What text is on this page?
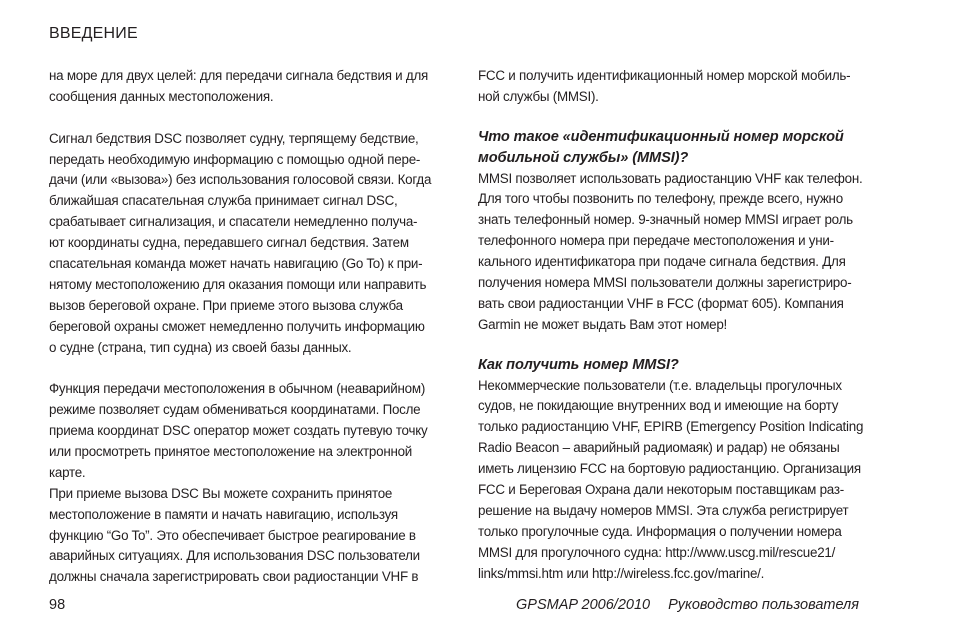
ВВЕДЕНИЕ
на море для двух целей: для передачи сигнала бедствия и для
сообщения данных местоположения.
Сигнал бедствия DSC позволяет судну, терпящему бедствие,
передать необходимую информацию с помощью одной пере-
дачи (или «вызова») без использования голосовой связи. Когда
ближайшая спасательная служба принимает сигнал DSC,
срабатывает сигнализация, и спасатели немедленно получа-
ют координаты судна, передавшего сигнал бедствия. Затем
спасательная команда может начать навигацию (Go To) к при-
нятому местоположению для оказания помощи или направить
вызов береговой охране. При приеме этого вызова служба
береговой охраны сможет немедленно получить информацию
о судне (страна, тип судна) из своей базы данных.
Функция передачи местоположения в обычном (неаварийном)
режиме позволяет судам обмениваться координатами. После
приема координат DSC оператор может создать путевую точку
или просмотреть принятое местоположение на электронной
карте.
При приеме вызова DSC Вы можете сохранить принятое
местоположение в памяти и начать навигацию, используя
функцию “Go To”. Это обеспечивает быстрое реагирование в
аварийных ситуациях. Для использования DSC пользователи
должны сначала зарегистрировать свои радиостанции VHF в
FCC и получить идентификационный номер морской мобиль-
ной службы (MMSI).
Что такое «идентификационный номер морской
мобильной службы» (MMSI)?
MMSI позволяет использовать радиостанцию VHF как телефон.
Для того чтобы позвонить по телефону, прежде всего, нужно
знать телефонный номер. 9-значный номер MMSI играет роль
телефонного номера при передаче местоположения и уни-
кального идентификатора при подаче сигнала бедствия. Для
получения номера MMSI пользователи должны зарегистриро-
вать свои радиостанции VHF в FCC (формат 605). Компания
Garmin не может выдать Вам этот номер!
Как получить номер MMSI?
Некоммерческие пользователи (т.е. владельцы прогулочных
судов, не покидающие внутренних вод и имеющие на борту
только радиостанцию VHF, EPIRB (Emergency Position Indicating
Radio Beacon – аварийный радиомаяк) и радар) не обязаны
иметь лицензию FCC на бортовую радиостанцию. Организация
FCC и Береговая Охрана дали некоторым поставщикам раз-
решение на выдачу номеров MMSI. Эта служба регистрирует
только прогулочные суда. Информация о получении номера
MMSI для прогулочного судна: http://www.uscg.mil/rescue21/
links/mmsi.htm или http://wireless.fcc.gov/marine/.
98	GPSMAP 2006/2010 Руководство пользователя
